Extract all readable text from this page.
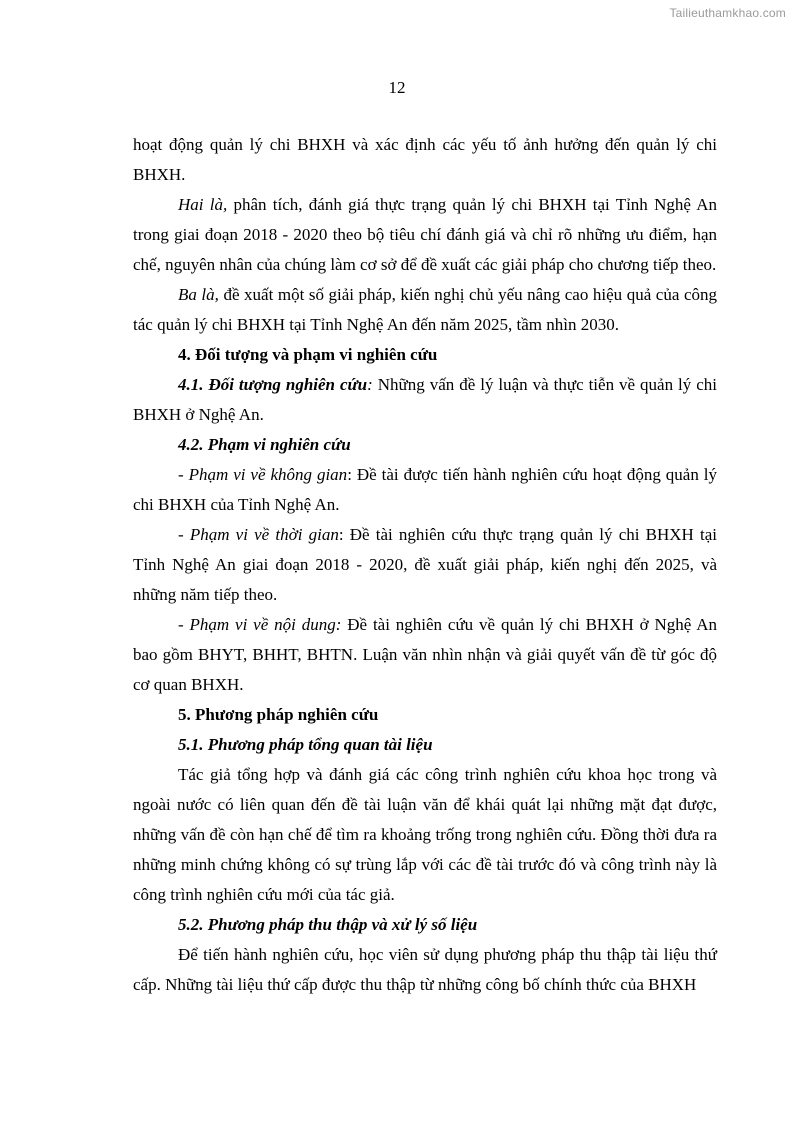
Tailieuthamkhao.com
12

hoạt động quản lý chi BHXH và xác định các yếu tố ảnh hưởng đến quản lý chi BHXH.

Hai là, phân tích, đánh giá thực trạng quản lý chi BHXH tại Tỉnh Nghệ An trong giai đoạn 2018 - 2020 theo bộ tiêu chí đánh giá và chỉ rõ những ưu điểm, hạn chế, nguyên nhân của chúng làm cơ sở để đề xuất các giải pháp cho chương tiếp theo.

Ba là, đề xuất một số giải pháp, kiến nghị chủ yếu nâng cao hiệu quả của công tác quản lý chi BHXH tại Tỉnh Nghệ An đến năm 2025, tầm nhìn 2030.

4. Đối tượng và phạm vi nghiên cứu

4.1. Đối tượng nghiên cứu: Những vấn đề lý luận và thực tiễn về quản lý chi BHXH ở Nghệ An.

4.2. Phạm vi nghiên cứu

- Phạm vi về không gian: Đề tài được tiến hành nghiên cứu hoạt động quản lý chi BHXH của Tỉnh Nghệ An.

- Phạm vi về thời gian: Đề tài nghiên cứu thực trạng quản lý chi BHXH tại Tỉnh Nghệ An giai đoạn 2018 - 2020, đề xuất giải pháp, kiến nghị đến 2025, và những năm tiếp theo.

- Phạm vi về nội dung: Đề tài nghiên cứu về quản lý chi BHXH ở Nghệ An bao gồm BHYT, BHHT, BHTN. Luận văn nhìn nhận và giải quyết vấn đề từ góc độ cơ quan BHXH.

5. Phương pháp nghiên cứu

5.1. Phương pháp tổng quan tài liệu

Tác giả tổng hợp và đánh giá các công trình nghiên cứu khoa học trong và ngoài nước có liên quan đến đề tài luận văn để khái quát lại những mặt đạt được, những vấn đề còn hạn chế để tìm ra khoảng trống trong nghiên cứu. Đồng thời đưa ra những minh chứng không có sự trùng lắp với các đề tài trước đó và công trình này là công trình nghiên cứu mới của tác giả.

5.2. Phương pháp thu thập và xử lý số liệu

Để tiến hành nghiên cứu, học viên sử dụng phương pháp thu thập tài liệu thứ cấp. Những tài liệu thứ cấp được thu thập từ những công bố chính thức của BHXH
